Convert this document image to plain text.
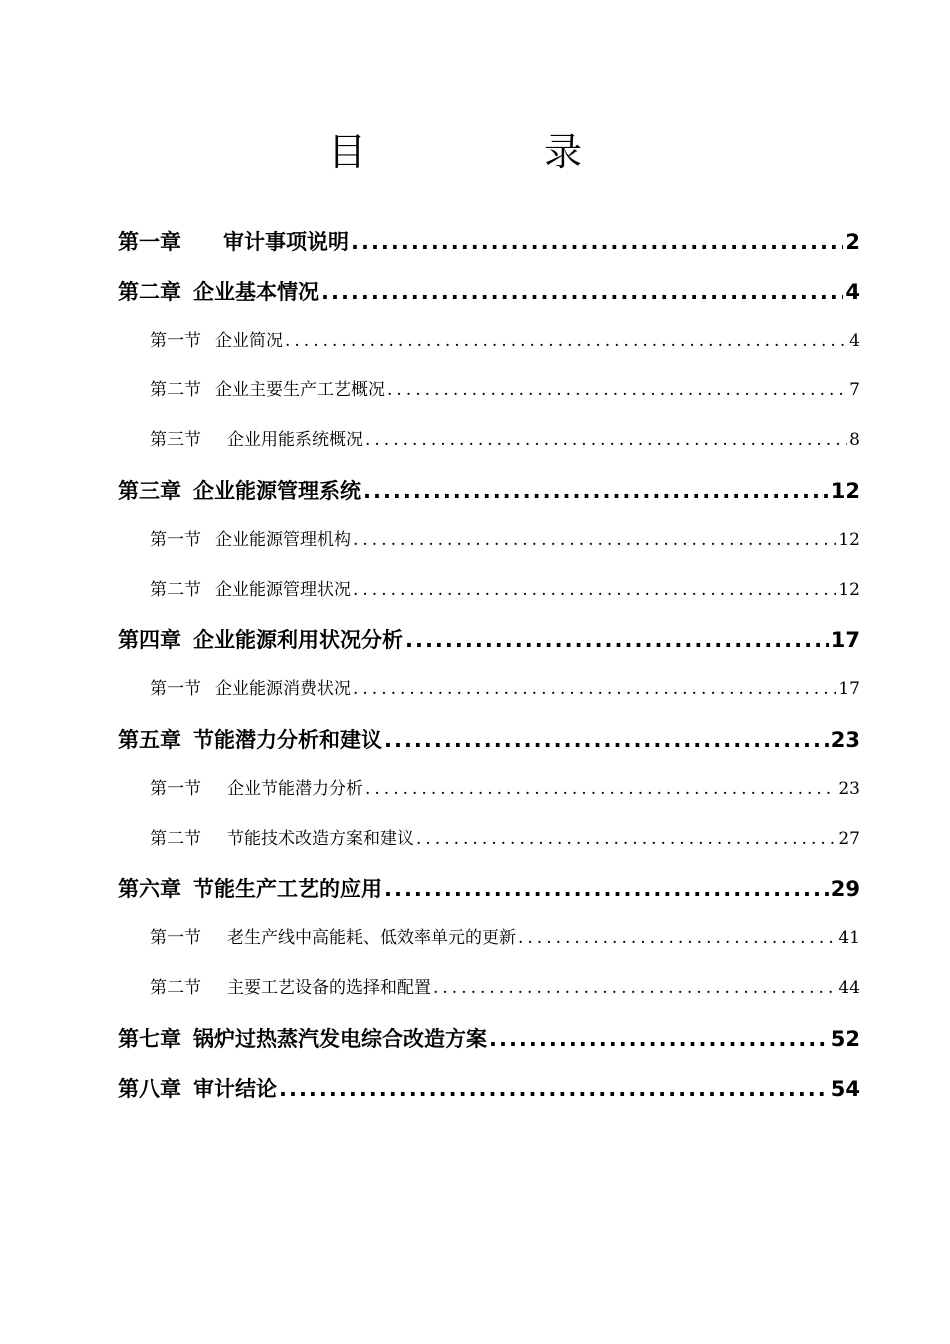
目　录
第一章 审计事项说明 .....	2
第二章 企业基本情况 .....	4
第一节 企业简况 .....	4
第二节 企业主要生产工艺概况 .....	7
第三节 企业用能系统概况 .....	8
第三章 企业能源管理系统 .....	12
第一节 企业能源管理机构 .....	12
第二节 企业能源管理状况 .....	12
第四章 企业能源利用状况分析 .....	17
第一节 企业能源消费状况 .....	17
第五章 节能潜力分析和建议 .....	23
第一节 企业节能潜力分析 .....	23
第二节 节能技术改造方案和建议 .....	27
第六章 节能生产工艺的应用 .....	29
第一节 老生产线中高能耗、低效率单元的更新 .....	41
第二节 主要工艺设备的选择和配置 .....	44
第七章 锅炉过热蒸汽发电综合改造方案 .....	52
第八章 审计结论 .....	54
